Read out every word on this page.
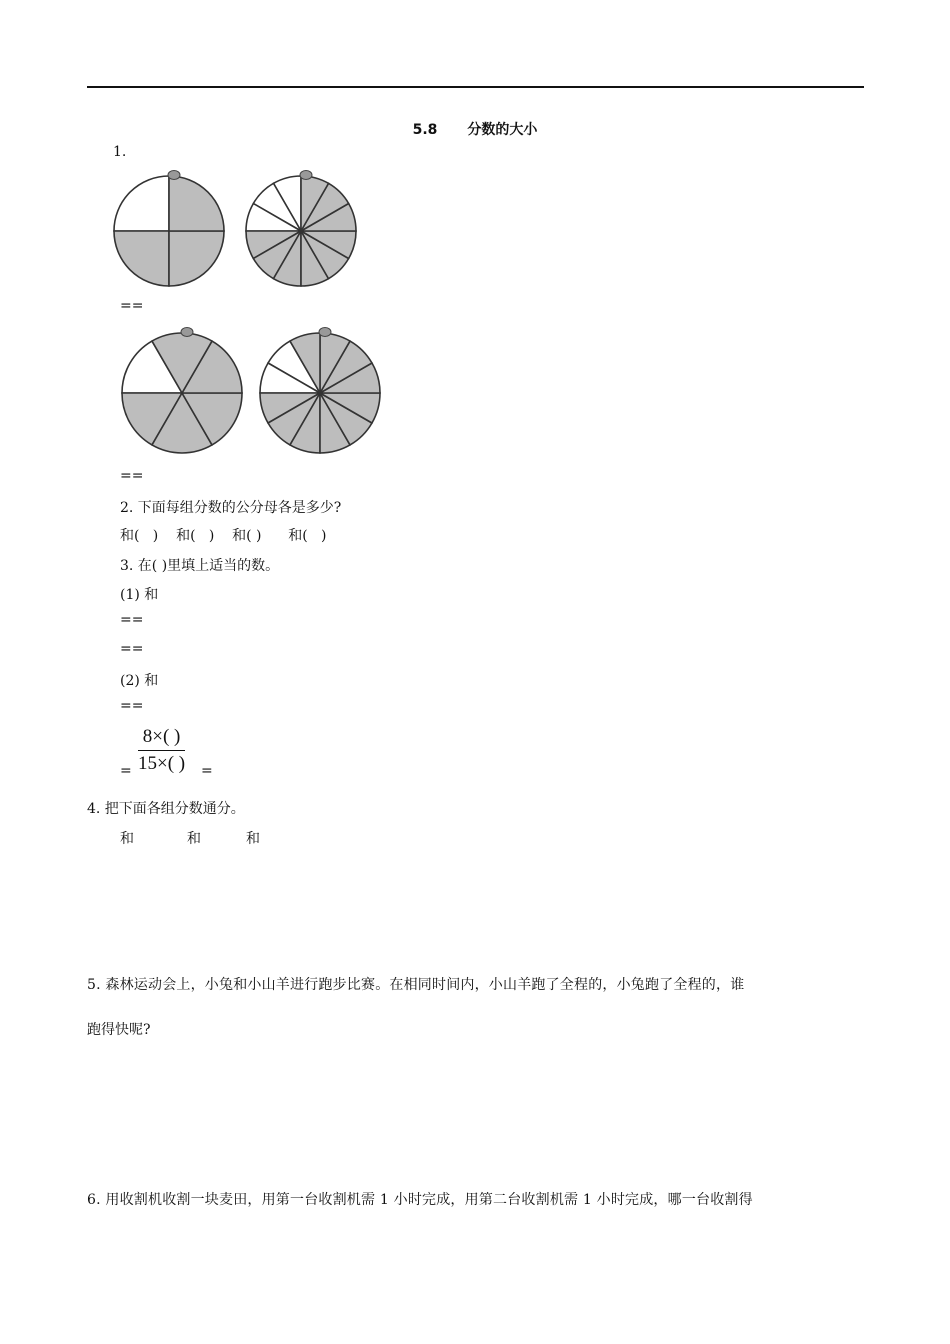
5.8 分数的大小
1.
==
==
2. 下面每组分数的公分母各是多少?
和(   )    和(   )    和( )      和(   )
3. 在( )里填上适当的数。
(1) 和
==
==
(2) 和
==
$\frac{8\times( )}{15\times( )}$
=	=
4. 把下面各组分数通分。
和	和	和
5. 森林运动会上，小兔和小山羊进行跑步比赛。在相同时间内，小山羊跑了全程的，小兔跑了全程的，谁
跑得快呢?
6. 用收割机收割一块麦田，用第一台收割机需 1 小时完成，用第二台收割机需 1 小时完成，哪一台收割得
